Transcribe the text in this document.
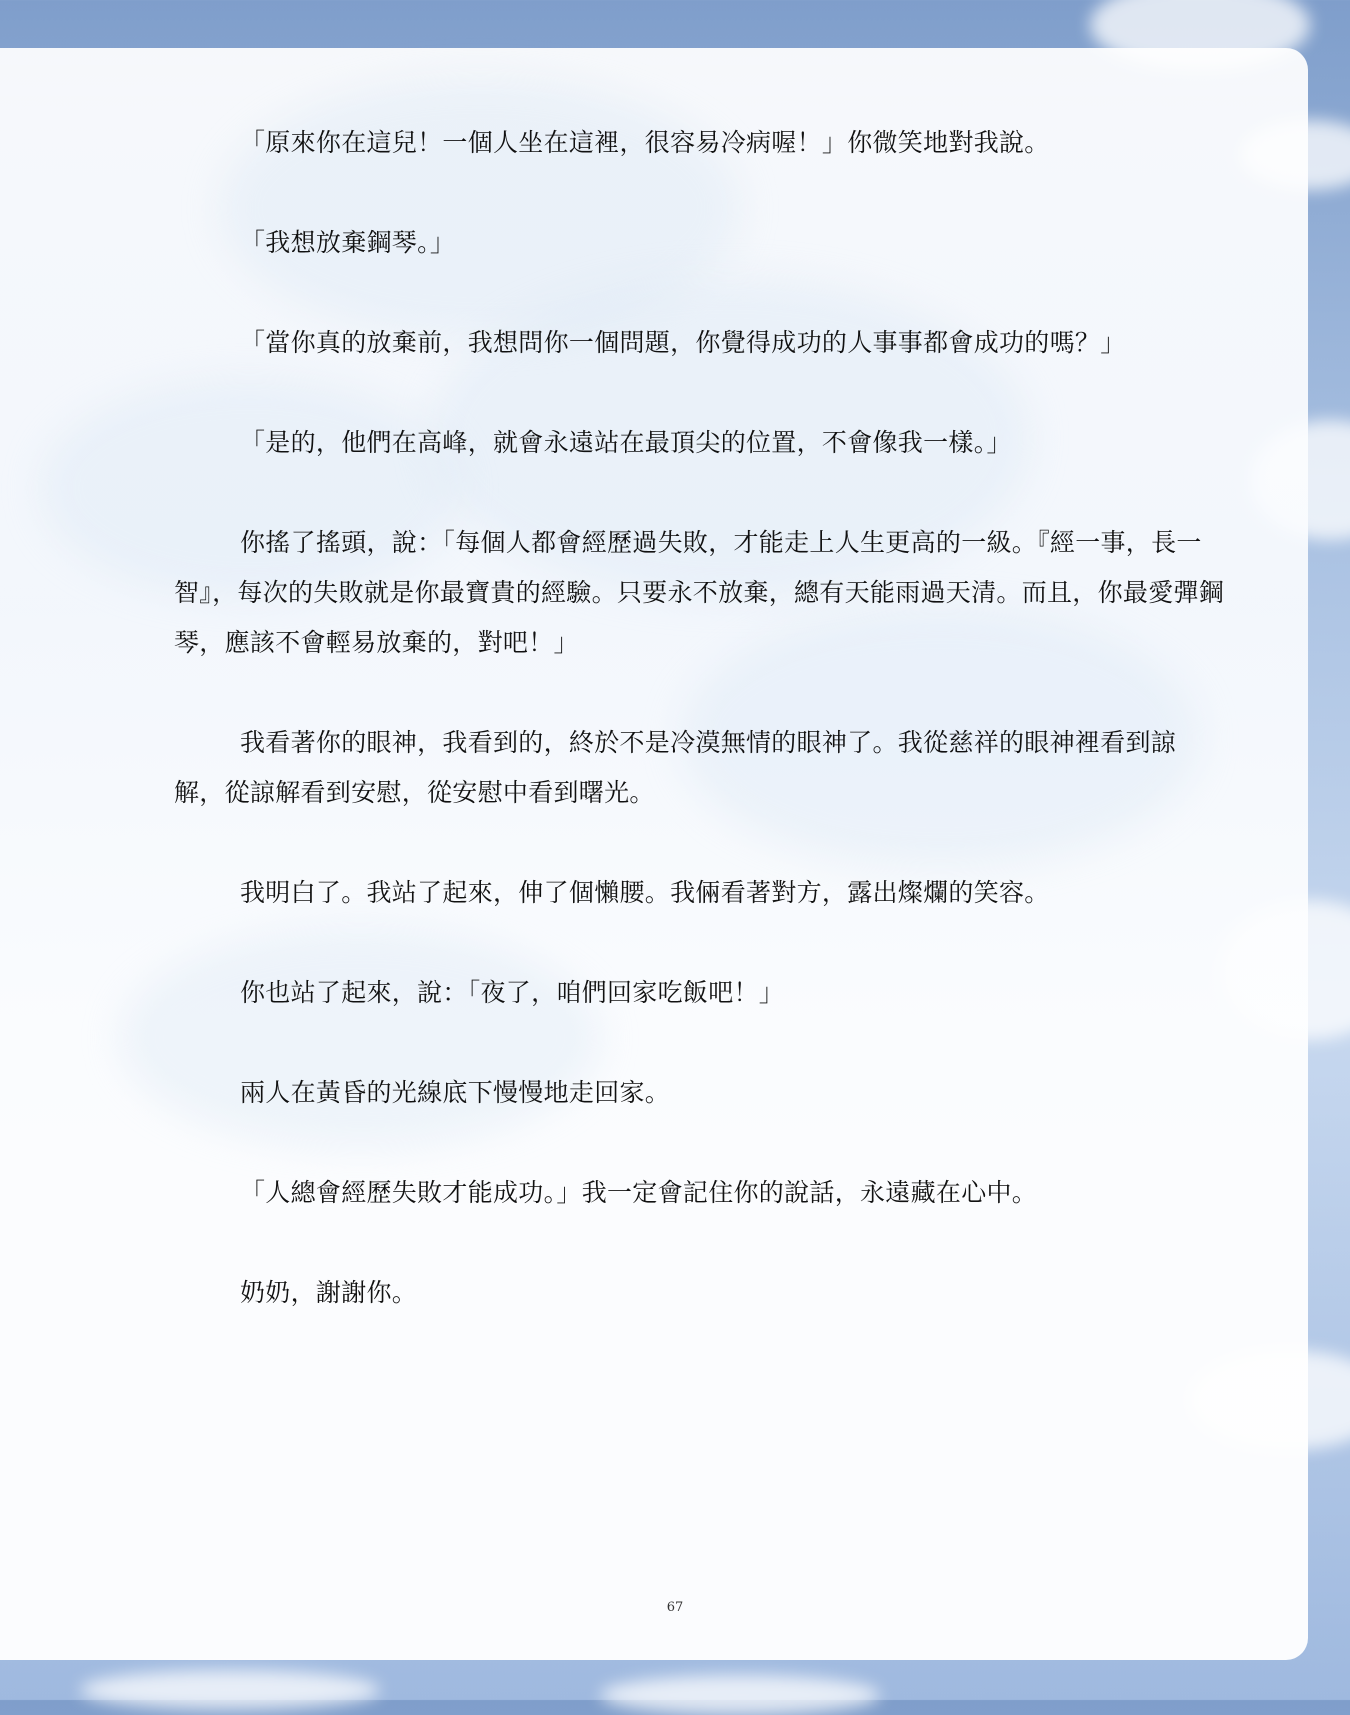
「原來你在這兒！一個人坐在這裡，很容易冷病喔！」你微笑地對我說。

「我想放棄鋼琴。」

「當你真的放棄前，我想問你一個問題，你覺得成功的人事事都會成功的嗎？」

「是的，他們在高峰，就會永遠站在最頂尖的位置，不會像我一樣。」

你搖了搖頭，說：「每個人都會經歷過失敗，才能走上人生更高的一級。『經一事，長一智』，每次的失敗就是你最寶貴的經驗。只要永不放棄，總有天能雨過天清。而且，你最愛彈鋼琴，應該不會輕易放棄的，對吧！」

我看著你的眼神，我看到的，終於不是冷漠無情的眼神了。我從慈祥的眼神裡看到諒解，從諒解看到安慰，從安慰中看到曙光。

我明白了。我站了起來，伸了個懶腰。我倆看著對方，露出燦爛的笑容。

你也站了起來，說：「夜了，咱們回家吃飯吧！」

兩人在黃昏的光線底下慢慢地走回家。

「人總會經歷失敗才能成功。」我一定會記住你的說話，永遠藏在心中。

奶奶，謝謝你。

67
